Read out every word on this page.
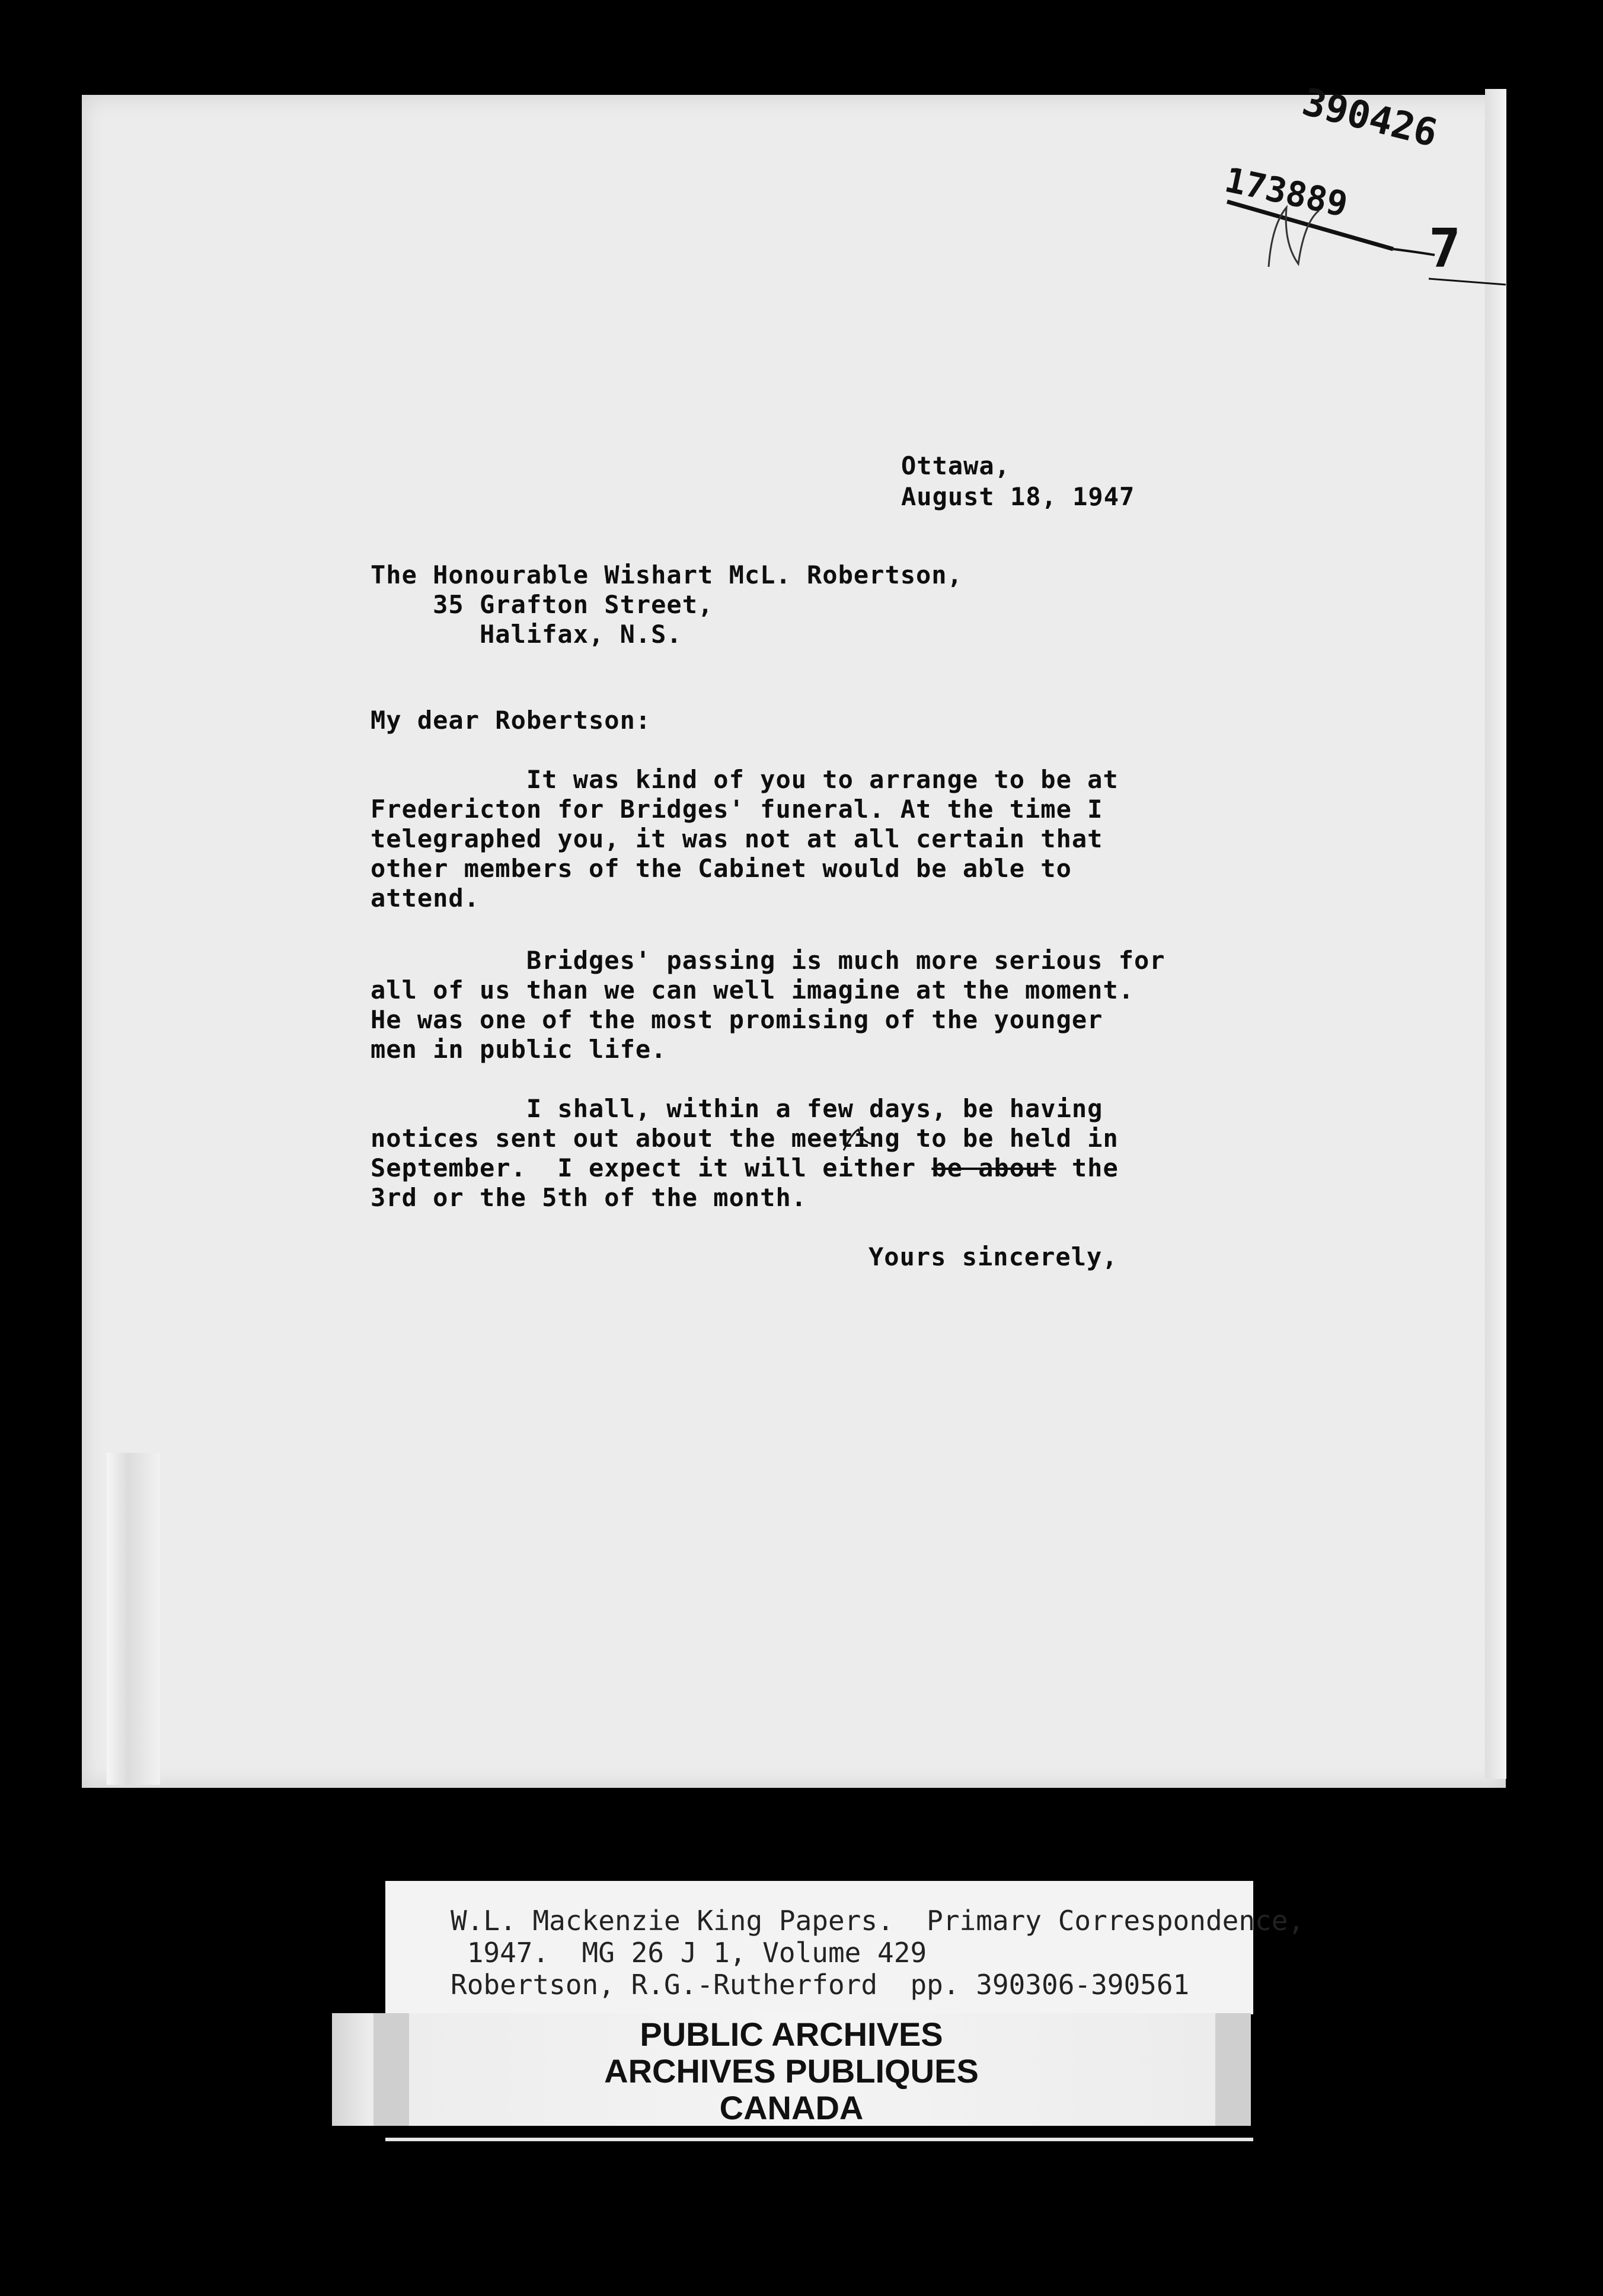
390426
173889
7
Ottawa,
August 18, 1947
The Honourable Wishart McL. Robertson,
35 Grafton Street,
Halifax, N.S.
My dear Robertson:
It was kind of you to arrange to be at
Fredericton for Bridges' funeral. At the time I
telegraphed you, it was not at all certain that
other members of the Cabinet would be able to
attend.
Bridges' passing is much more serious for
all of us than we can well imagine at the moment.
He was one of the most promising of the younger
men in public life.
I shall, within a few days, be having
notices sent out about the meeting to be held in
September.  I expect it will either be about the
3rd or the 5th of the month.
Yours sincerely,
W.L. Mackenzie King Papers.  Primary Correspondence,
1947.  MG 26 J 1, Volume 429
Robertson, R.G.-Rutherford  pp. 390306-390561
PUBLIC ARCHIVES
ARCHIVES PUBLIQUES
CANADA
